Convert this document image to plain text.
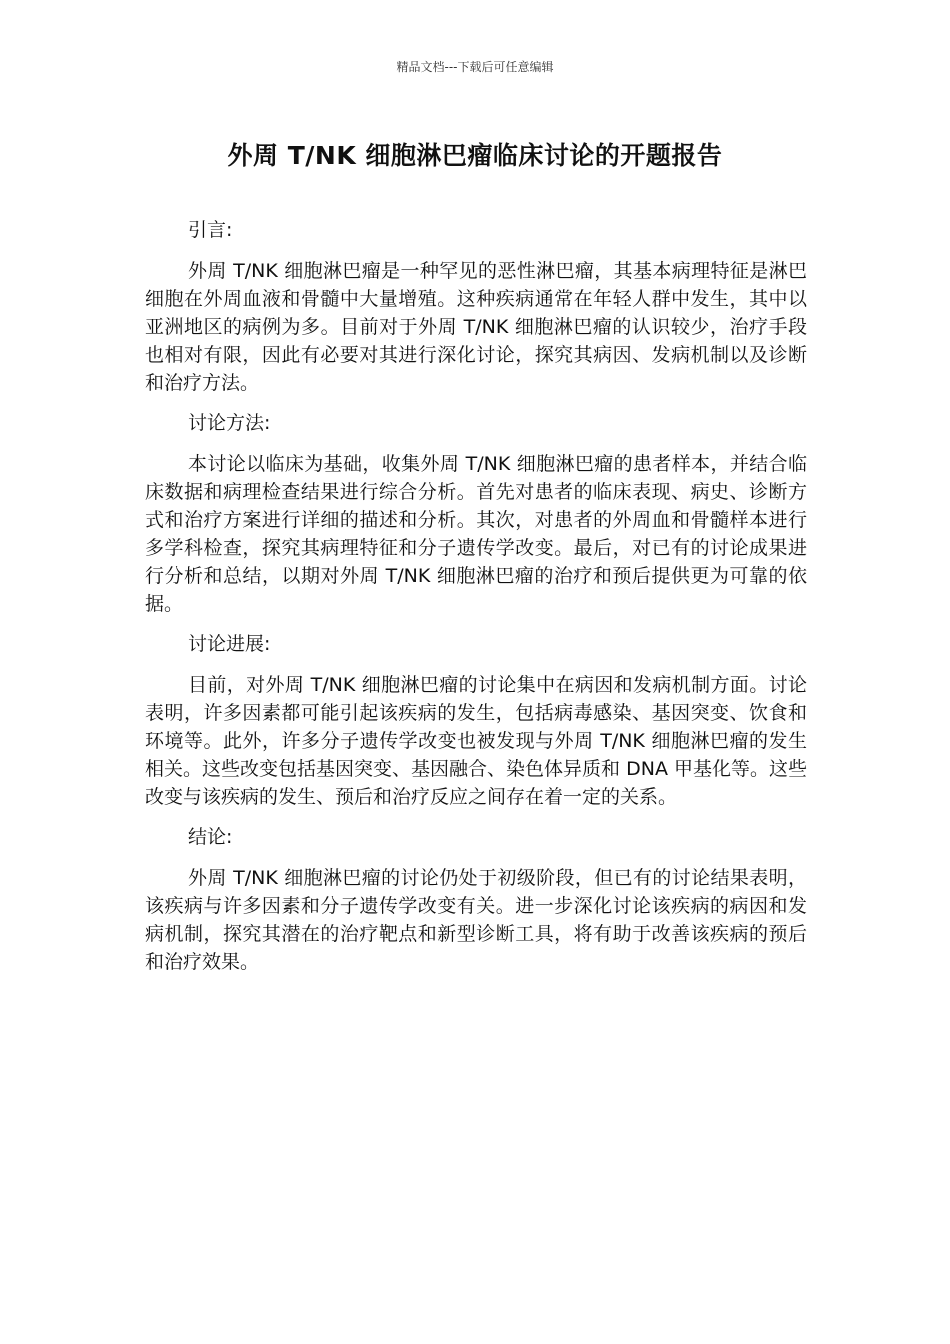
精品文档---下载后可任意编辑
外周 T/NK 细胞淋巴瘤临床讨论的开题报告

引言:

外周 T/NK 细胞淋巴瘤是一种罕见的恶性淋巴瘤，其基本病理特征是淋巴细胞在外周血液和骨髓中大量增殖。这种疾病通常在年轻人群中发生，其中以亚洲地区的病例为多。目前对于外周 T/NK 细胞淋巴瘤的认识较少，治疗手段也相对有限，因此有必要对其进行深化讨论，探究其病因、发病机制以及诊断和治疗方法。

讨论方法:

本讨论以临床为基础，收集外周 T/NK 细胞淋巴瘤的患者样本，并结合临床数据和病理检查结果进行综合分析。首先对患者的临床表现、病史、诊断方式和治疗方案进行详细的描述和分析。其次，对患者的外周血和骨髓样本进行多学科检查，探究其病理特征和分子遗传学改变。最后，对已有的讨论成果进行分析和总结，以期对外周 T/NK 细胞淋巴瘤的治疗和预后提供更为可靠的依据。

讨论进展:

目前，对外周 T/NK 细胞淋巴瘤的讨论集中在病因和发病机制方面。讨论表明，许多因素都可能引起该疾病的发生，包括病毒感染、基因突变、饮食和环境等。此外，许多分子遗传学改变也被发现与外周 T/NK 细胞淋巴瘤的发生相关。这些改变包括基因突变、基因融合、染色体异质和 DNA 甲基化等。这些改变与该疾病的发生、预后和治疗反应之间存在着一定的关系。

结论:

外周 T/NK 细胞淋巴瘤的讨论仍处于初级阶段，但已有的讨论结果表明，该疾病与许多因素和分子遗传学改变有关。进一步深化讨论该疾病的病因和发病机制，探究其潜在的治疗靶点和新型诊断工具，将有助于改善该疾病的预后和治疗效果。
